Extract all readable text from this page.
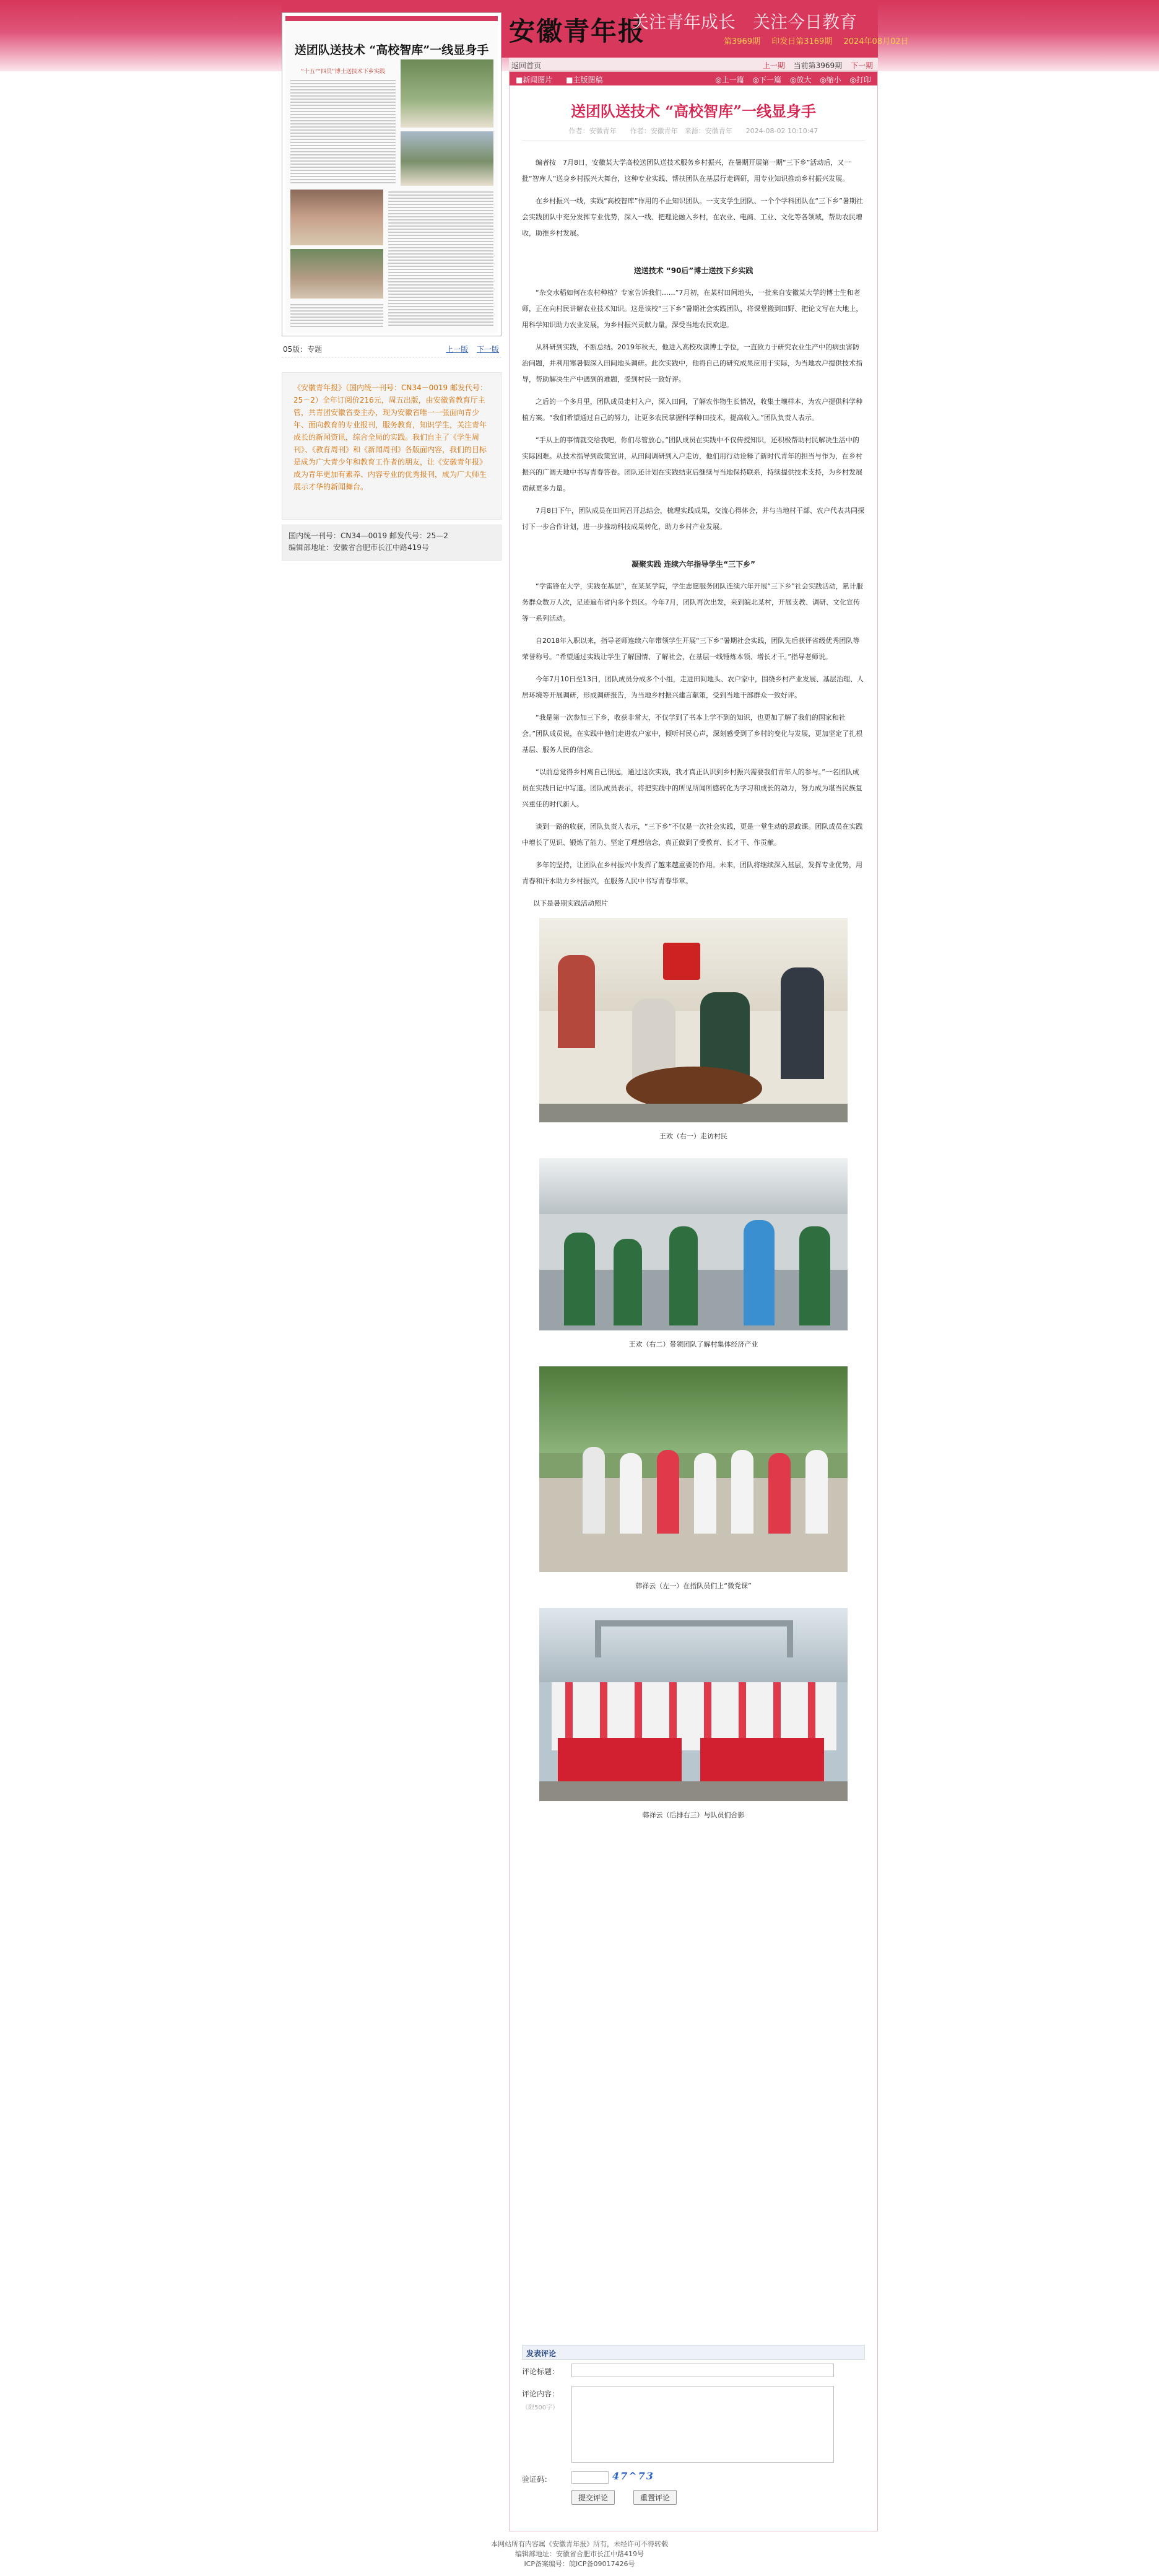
安徽青年报
关注青年成长　关注今日教育
第3969期 印发日第3169期 2024年08月02日
返回首页	上一期 当前第3969期 下一期
送团队送技术 “高校智库”一线显身手
“十五”“四员”博士送技术下乡实践
05版：专题	上一版 下一版
《安徽青年报》（国内统一刊号：CN34－0019 邮发代号：25－2）全年订阅价216元，周五出版，由安徽省教育厅主管，共青团安徽省委主办，现为安徽省唯一一张面向青少年、面向教育的专业报刊，服务教育，知识学生，关注青年成长的新闻资讯，综合全局的实践。我们自主了《学生周刊》、《教育周刊》和《新闻周刊》各版面内容，我们的目标是成为广大青少年和教育工作者的朋友，让《安徽青年报》成为青年更加有素养、内容专业的优秀报刊，成为广大师生展示才华的新闻舞台。
国内统一刊号：CN34—0019 邮发代号：25—2
编辑部地址：安徽省合肥市长江中路419号
■新闻图片 ■主版图稿	◎上一篇 ◎下一篇 ◎放大 ◎缩小 ◎打印
送团队送技术 “高校智库”一线显身手
作者：安徽青年　　作者：安徽青年　来源：安徽青年　　2024-08-02 10:10:47

编者按　7月8日，安徽某大学高校送团队送技术服务乡村振兴，在暑期开展第一期“三下乡”活动后，又一批“智库人”送身乡村振兴大舞台，这种专业实践、帮扶团队在基层行走调研，用专业知识推动乡村振兴发展。

在乡村振兴一线，实践“高校智库”作用的不止知识团队。一支支学生团队、一个个学科团队在“三下乡”暑期社会实践团队中充分发挥专业优势，深入一线、把理论融入乡村，在农业、电商、工业、文化等各领域，帮助农民增收，助推乡村发展。

送送技术 “90后”博士送技下乡实践

“杂交水稻如何在农村种植？专家告诉我们……”7月初，在某村田间地头，一批来自安徽某大学的博士生和老师，正在向村民讲解农业技术知识。这是该校“三下乡”暑期社会实践团队，将课堂搬到田野、把论文写在大地上，用科学知识助力农业发展，为乡村振兴贡献力量，深受当地农民欢迎。

从科研到实践，不断总结。2019年秋天，他进入高校攻读博士学位，一直致力于研究农业生产中的病虫害防治问题，并利用寒暑假深入田间地头调研。此次实践中，他将自己的研究成果应用于实际，为当地农户提供技术指导，帮助解决生产中遇到的难题，受到村民一致好评。

之后的一个多月里，团队成员走村入户，深入田间，了解农作物生长情况，收集土壤样本，为农户提供科学种植方案。“我们希望通过自己的努力，让更多农民掌握科学种田技术，提高收入。”团队负责人表示。

“手从上的事情就交给我吧，你们尽管放心。”团队成员在实践中不仅传授知识，还积极帮助村民解决生活中的实际困难。从技术指导到政策宣讲，从田间调研到入户走访，他们用行动诠释了新时代青年的担当与作为，在乡村振兴的广阔天地中书写青春答卷。团队还计划在实践结束后继续与当地保持联系，持续提供技术支持，为乡村发展贡献更多力量。

7月8日下午，团队成员在田间召开总结会，梳理实践成果，交流心得体会，并与当地村干部、农户代表共同探讨下一步合作计划，进一步推动科技成果转化，助力乡村产业发展。

凝聚实践 连续六年指导学生“三下乡”

“学雷锋在大学，实践在基层”，在某某学院，学生志愿服务团队连续六年开展“三下乡”社会实践活动，累计服务群众数万人次，足迹遍布省内多个县区。今年7月，团队再次出发，来到皖北某村，开展支教、调研、文化宣传等一系列活动。

自2018年入职以来，指导老师连续六年带领学生开展“三下乡”暑期社会实践，团队先后获评省级优秀团队等荣誉称号。“希望通过实践让学生了解国情、了解社会，在基层一线锤炼本领、增长才干。”指导老师说。

今年7月10日至13日，团队成员分成多个小组，走进田间地头、农户家中，围绕乡村产业发展、基层治理、人居环境等开展调研，形成调研报告，为当地乡村振兴建言献策，受到当地干部群众一致好评。

“我是第一次参加三下乡，收获非常大，不仅学到了书本上学不到的知识，也更加了解了我们的国家和社会。”团队成员说，在实践中他们走进农户家中，倾听村民心声，深刻感受到了乡村的变化与发展，更加坚定了扎根基层、服务人民的信念。

“以前总觉得乡村离自己很远，通过这次实践，我才真正认识到乡村振兴需要我们青年人的参与。”一名团队成员在实践日记中写道。团队成员表示，将把实践中的所见所闻所感转化为学习和成长的动力，努力成为堪当民族复兴重任的时代新人。

谈到一路的收获，团队负责人表示，“三下乡”不仅是一次社会实践，更是一堂生动的思政课。团队成员在实践中增长了见识、锻炼了能力、坚定了理想信念，真正做到了受教育、长才干、作贡献。

多年的坚持，让团队在乡村振兴中发挥了越来越重要的作用。未来，团队将继续深入基层，发挥专业优势，用青春和汗水助力乡村振兴，在服务人民中书写青春华章。

以下是暑期实践活动照片

王欢（右一）走访村民
王欢（右二）带领团队了解村集体经济产业
韩祥云（左一）在指队员们上“微党课”
韩祥云（后排右三）与队员们合影
发表评论
评论标题：
评论内容：
（限500字）
验证码：	47^73
提交评论	重置评论
本网站所有内容属《安徽青年报》所有，未经许可不得转载
编辑部地址：安徽省合肥市长江中路419号
ICP备案编号：皖ICP备09017426号
